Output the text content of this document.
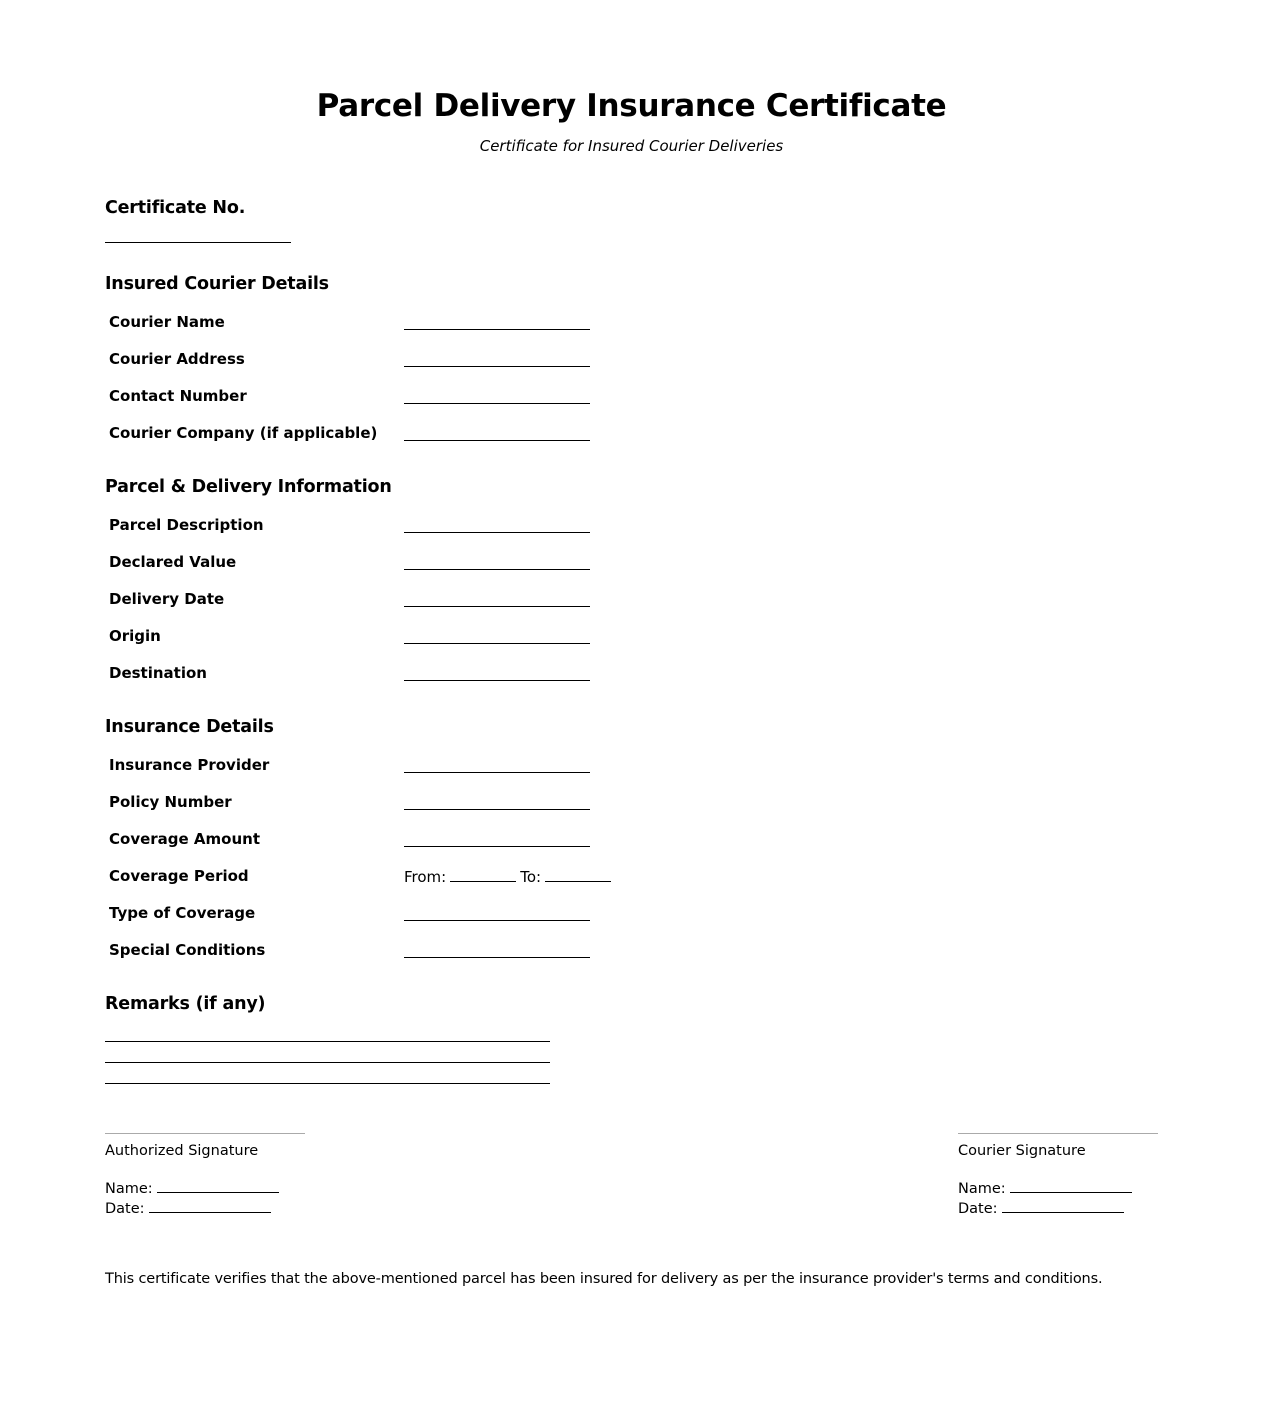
Parcel Delivery Insurance Certificate

Certificate for Insured Courier Deliveries

Certificate No.
Insured Courier Details
Courier Name
Courier Address
Contact Number
Courier Company (if applicable)
Parcel & Delivery Information
Parcel Description
Declared Value
Delivery Date
Origin
Destination
Insurance Details
Insurance Provider
Policy Number
Coverage Amount
Coverage Period	From:	To:
Type of Coverage
Special Conditions
Remarks (if any)
Authorized Signature
Name:
Date:
Courier Signature
Name:
Date:

This certificate verifies that the above-mentioned parcel has been insured for delivery as per the insurance provider's terms and conditions.
